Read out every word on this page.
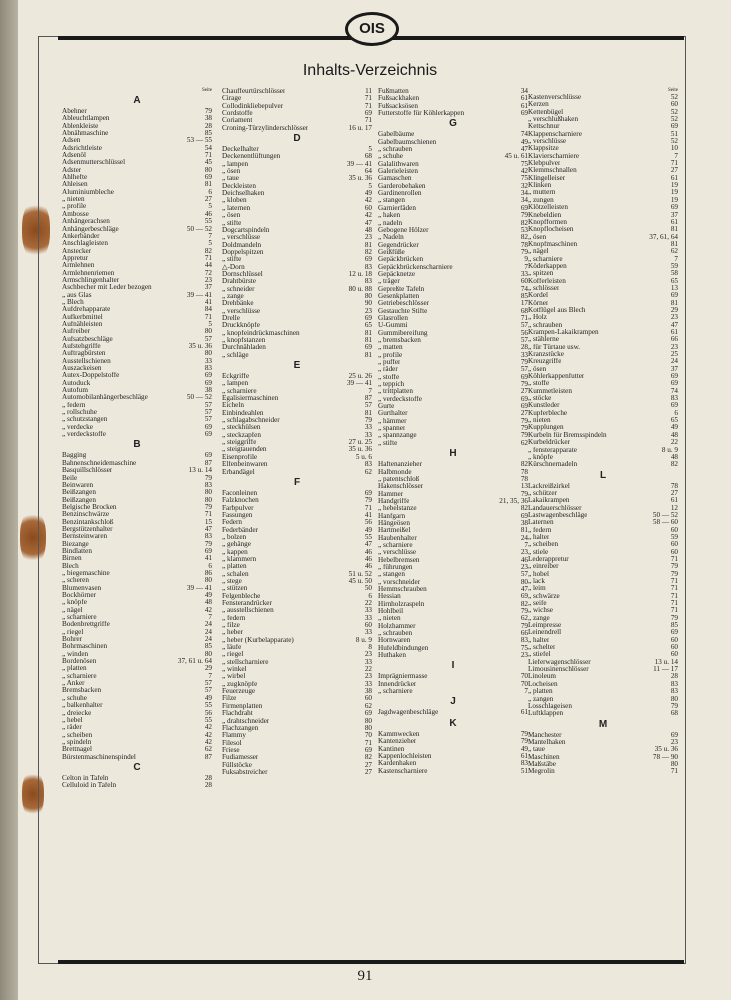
OIS
Inhalts-Verzeichnis
Seite
A
Abehner	79
Ableuchtlampen	38
Ablenkleiste	28
Abnähmaschine	85
Adsen	53 — 55
Adsrichtleiste	54
Adsenöl	71
Adsenmutterschlüssel	45
Adster	80
Ahlhefte	69
Ahleisen	81
Aluminiumbleche	6
„ nieten	27
„ profile	5
Ambosse	46
Anhängerachsen	55
Anhängerbeschläge	50 — 52
Ankerbänder	7
Anschlagleisten	5
Anstecker	82
Appretur	71
Armlehnen	44
Armlehnenriemen	72
Armschlingenhalter	23
Aschbecher mit Leder bezogen	37
„ aus Glas	39 — 41
„ Blech	41
Aufdrehapparate	84
Aufkerbmittel	71
Aufnähleisten	5
Aufreiber	80
Aufsatzbeschläge	57
Aufstehgriffe	35 u. 36
Auftragbürsten	80
Ausstellschienen	33
Auszackeisen	83
Autex-Doppelstoffe	69
Autoduck	69
Autofum	38
Automobilanhängerbeschläge	50 — 52
„ federn	57
„ rollschuhe	57
„ schutzstangen	57
„ verdecke	69
„ verdeckstoffe	69
B
Bagging	69
Bahnenschneidemaschine	87
Basquillschlösser	13 u. 14
Beile	79
Beinwaren	83
Beißzangen	80
Beißzangen	80
Belgische Brocken	79
Benzinschwärze	71
Benzintankschloß	15
Bergstützenhalter	47
Bernsteinwaren	83
Biezange	79
Bindlatten	69
Birnen	41
Blech	6
„ biegemaschine	86
„ scheren	80
Blumenvasen	39 — 41
Bockhörner	49
„ knöpfe	48
„ nägel	42
„ scharniere	7
Bodenbrettgriffe	24
„ riegel	24
Bohrer	24
Bohrmaschinen	85
„ winden	80
Bordenösen	37, 61 u. 64
„ platten	29
„ scharniere	7
„ Anker	57
Bremsbacken	57
„ schuhe	49
„ balkenhalter	55
„ dreiecke	56
„ hebel	55
„ räder	42
„ scheiben	42
„ spindeln	42
Brettnagel	62
Bürstenmaschinenspindel	87
C
Celton in Tafeln	28
Celluloid in Tafeln	28
Chauffeurtürschlösser	11
Cirage	71
Collodinkliebepulver	71
Cordstoffe	69
Coriament	71
Croning-Türzylinderschlösser	16 u. 17
D
Deckelhalter	5
Deckenentlüftungen	68
„ lampen	39 — 41
„ ösen	64
„ taue	35 u. 36
Deckleisten	5
Deichselhaken	49
„ kloben	42
„ laternen	60
„ ösen	42
„ stifte	47
Dogcartspindeln	48
„ verschlüsse	23
Doldmandeln	81
Doppelspitzen	82
„ stifte	69
△-Dorn	83
Dornschlüssel	12 u. 18
Drahtbürste	83
„ schneider	80 u. 88
„ zange	80
Drehbänke	90
„ verschlüsse	23
Drelle	69
Druckknöpfe	65
„ knopfeindrückmaschinen	81
„ knopfstanzen	81
Durchnähladen	69
„ schläge	81
E
Eckgriffe	25 u. 26
„ lampen	39 — 41
„ scharniere	7
Egalisiermaschinen	87
Eicheln	57
Einbindeahlen	81
„ schlagabschneider	79
„ steckhülsen	33
„ steckzapfen	33
„ steiggriffe	27 u. 25
„ steigtauenden	35 u. 36
Eisenprofile	5 u. 6
Elfenbeinwaren	83
Erbandägel	62
F
Faconleinen	69
Falzknochen	79
Farbpulver	71
Fassungen	41
Federn	56
Federbänder	49
„ bolzen	55
„ gehänge	47
„ kappen	46
„ klammern	46
„ platten	46
„ schalen	51 u. 52
„ stege	45 u. 50
„ stützen	50
Felgenbleche	6
Fensterandrücker	22
„ ausstellschienen	33
„ federn	33
„ filze	60
„ heber	33
„ heber (Kurbelapparate)	8 u. 9
„ läufe	8
„ riegel	23
„ stellscharniere	33
„ winkel	22
„ wirbel	23
„ zugknöpfe	33
Feuerzeuge	38
Filze	60
Firmenplatten	62
Flachdraht	69
„ drahtschneider	80
Flachzangen	80
Flammy	70
Filesol	71
Friese	69
Fudiamesser	82
Füllstöcke	27
Fuksabstreicher	27
Fußmatten	34
Fußsackhaken	61
Fußsacksösen	61
Futterstoffe für Köhlerkappen	69
G
Gabelbäume	74
Gabelbaumschienen	49
„ schrauben	47
„ schuhe	45 u. 61
Galalithwaren	75
Galerieleisten	42
Gamaschen	75
Garderobehaken	32
Gardinenrollen	34
„ stangen	34
Garnierfäden	69
„ haken	79
„ nadeln	82
Gebogene Hölzer	53
„ Nadeln	82
Gegendrücker	78
Geißfüße	79
Gepäckbrücken	9
Gepäckbrückenscharniere	7
Gepäcknetze	33
„ träger	60
Gepreßte Tafeln	74
Gesenkplatten	85
Getriebeschlösser	17
Gestauchte Stifte	68
Glasrollen	71
U-Gummi	57
Gummibereifung	56
„ bremsbacken	57
„ matten	28
„ profile	33
„ puffer	79
„ räder	57
„ stoffe	69
„ teppich	79
„ trittplatten	27
„ verdeckstoffe	69
Gurte	69
Gurthalter	27
„ hämmer	79
„ spanner	79
„ spannzange	79
„ stifte	62
H
Haftenanzieher	82
Halbmonde	78
„ patentschloß	78
Hakenschlösser	13
Hammer	79
Handgriffe	21, 35, 36
„ hebelstanze	82
Hanfgarn	69
Hängeösen	38
Hartmeißel	81
Haubenhalter	24
„ scharniere	7
„ verschlüsse	23
Hebelbremsen	46
„ führungen	23
„ stangen	57
„ vorschneider	80
Hemmschrauben	47
Hessian	69
Hirnholzraspeln	82
Hohlbeil	79
„ nieten	62
Holzhammer	79
„ schrauben	66
Hornwaren	83
Hufeldbindungen	75
Huthaken	23
I
Imprägniermasse	70
Innendrücker	70
„ scharniere	7
J
Jagdwagenbeschläge	61
K
Kammwecken	79
Kantenzieher	79
Kantinen	49
Kappenlochleisten	61
Kardenhaken	83
Kastenscharniere	51
Seite
Kastenverschlüsse	52
Kerzen	60
Kettenbügel	52
„ verschlußhaken	52
Kettschnur	69
Klappenscharniere	51
„ verschlüsse	52
Klappsitze	10
Klavierscharniere	7
Klebpulver	71
Klemmschnallen	27
Klingelleiser	61
Klinken	19
„ muttern	19
„ zungen	19
Klötzelleisten	69
Knebeldien	37
Knopfformen	61
Knopflocheisen	81
„ ösen	37, 61, 64
Knopfmaschinen	81
„ nägel	62
„ scharniere	7
Köderkappen	59
„ spitzen	58
Kofferleisten	65
„ schlösser	13
Kordel	69
Körner	81
Kotflügel aus Blech	29
„ Holz	23
„ schrauben	47
Krampen-Lakaikrampen	61
„ stählerne	66
„ für Türtaue usw.	23
Kranzstücke	25
Kreuzgriffe	24
„ ösen	37
Köhlerkappenfutter	69
„ stoffe	69
Kummetleisten	74
„ stöcke	83
Kunstleder	69
Kupferbleche	6
„ nieten	65
Kupplungen	49
Kurbeln für Bremsspindeln	48
Kurbeldrücker	22
„ fensterapparate	8 u. 9
„ knöpfe	48
Kürschnernadeln	82
L
Lackreißzirkel	78
„ schützer	27
Lakaikrampen	61
Landauerschlösser	12
Lastwagenbeschläge	50 — 52
Laternen	58 — 60
„ federn	60
„ halter	59
„ scheiben	60
„ stiele	60
Lederappretur	71
„ einreiber	79
„ hobel	79
„ lack	71
„ leim	71
„ schwärze	71
„ seife	71
„ wichse	71
„ zange	79
Leimpresse	85
Leinendrell	69
„ halter	60
„ schelter	60
„ stiefel	60
Lieferwagenschlösser	13 u. 14
Limousinenschlösser	11 — 17
Linoleum	28
Locheisen	83
„ platten	83
„ zangen	80
Losschlageisen	79
Luftklappen	68
M
Manchester	69
Mantelhaken	23
„ taue	35 u. 36
Maschinen	78 — 90
Maßstäbe	80
Megrolin	71
91
